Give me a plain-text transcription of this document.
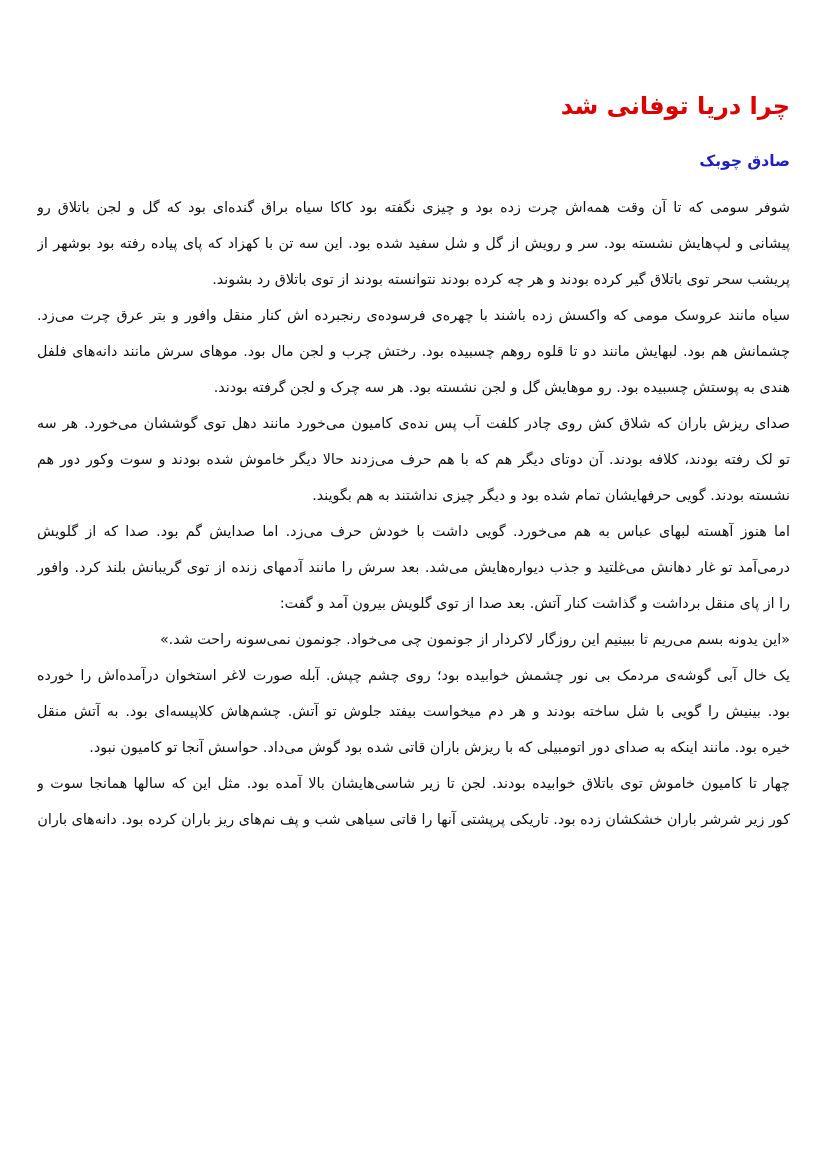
چرا دریا توفانی شد
صادق چوبک

شوفر سومی که تا آن وقت همه‌اش چرت زده بود و چیزی نگفته بود کاکا سیاه براق گنده‌ای بود که گل و لجن باتلاق رو
پیشانی و لپ‌هایش نشسته بود. سر و رویش از گل و شل سفید شده بود. این سه تن با کهزاد که پای پیاده رفته بود بوشهر از
پریشب سحر توی باتلاق گیر کرده بودند و هر چه کرده بودند نتوانسته بودند از توی باتلاق رد بشوند.

سیاه مانند عروسک مومی که واکسش زده باشند با چهره‌ی فرسوده‌ی رنجبرده اش کنار منقل وافور و بتر عرق چرت می‌زد.
چشمانش هم بود. لبهایش مانند دو تا قلوه روهم چسبیده بود. رختش چرب و لجن مال بود. موهای سرش مانند دانه‌های فلفل
هندی به پوستش چسبیده بود. رو موهایش گل و لجن نشسته بود. هر سه چرک و لجن گرفته بودند.

صدای ریزش باران که شلاق کش روی چادر کلفت آب پس نده‌ی کامیون می‌خورد مانند دهل توی گوششان می‌خورد. هر سه
تو لک رفته بودند، کلافه بودند. آن دوتای دیگر هم که با هم حرف می‌زدند حالا دیگر خاموش شده بودند و سوت وکور دور هم
نشسته بودند. گویی حرفهایشان تمام شده بود و دیگر چیزی نداشتند به هم بگویند.

اما هنوز آهسته لبهای عباس به هم می‌خورد. گویی داشت با خودش حرف می‌زد. اما صدایش گم بود. صدا که از گلویش
درمی‌آمد تو غار دهانش می‌غلتید و جذب دیواره‌هایش می‌شد. بعد سرش را مانند آدمهای زنده از توی گریبانش بلند کرد. وافور
را از پای منقل برداشت و گذاشت کنار آتش. بعد صدا از توی گلویش بیرون آمد و گفت:

«این یدونه بسم می‌ریم تا ببینیم این روزگار لاکردار از جونمون چی می‌خواد. جونمون نمی‌سونه راحت شد.»

یک خال آبی گوشه‌ی مردمک بی نور چشمش خوابیده بود؛ روی چشم چپش. آبله صورت لاغر استخوان درآمده‌اش را خورده
بود. بینیش را گویی با شل ساخته بودند و هر دم میخواست بیفتد جلوش تو آتش. چشم‌هاش کلاپیسه‌ای بود. به آتش منقل
خیره بود. مانند اینکه به صدای دور اتومبیلی که با ریزش باران قاتی شده بود گوش می‌داد. حواسش آنجا تو کامیون نبود.

چهار تا کامیون خاموش توی باتلاق خوابیده بودند. لجن تا زیر شاسی‌هایشان بالا آمده بود. مثل این که سالها همانجا سوت و
کور زیر شرشر باران خشکشان زده بود. تاریکی پرپشتی آنها را قاتی سیاهی شب و پف نم‌های ریز باران کرده بود. دانه‌های باران
